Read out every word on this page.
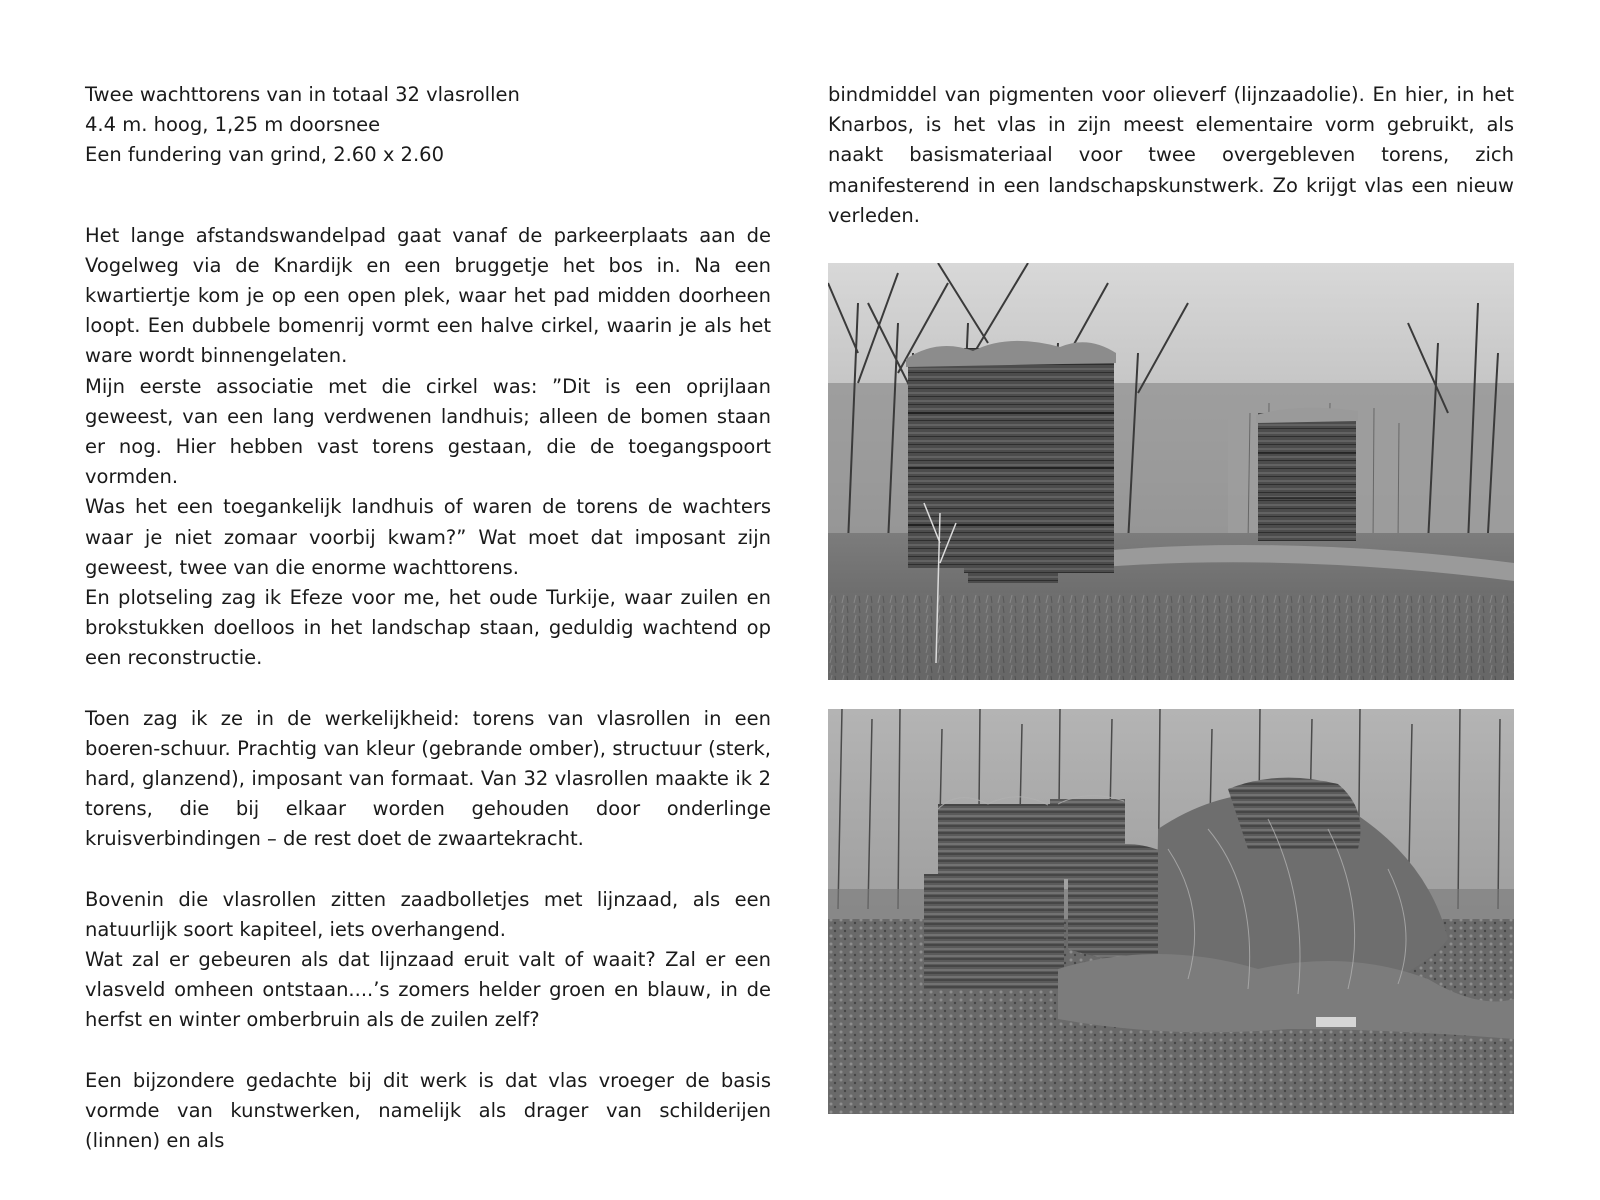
Twee wachttorens van in totaal 32 vlasrollen

4.4 m. hoog, 1,25 m doorsnee

Een fundering van grind, 2.60 x 2.60

Het lange afstandswandelpad gaat vanaf de parkeerplaats aan de Vogelweg via de Knardijk en een bruggetje het bos in. Na een kwartiertje kom je op een open plek, waar het pad midden doorheen loopt. Een dubbele bomenrij vormt een halve cirkel, waarin je als het ware wordt binnengelaten.

Mijn eerste associatie met die cirkel was: ”Dit is een oprijlaan geweest, van een lang verdwenen landhuis; alleen de bomen staan er nog. Hier hebben vast torens gestaan, die de toegangspoort vormden.

Was het een toegankelijk landhuis of waren de torens de wachters waar je niet zomaar voorbij kwam?” Wat moet dat imposant zijn geweest, twee van die enorme wachttorens.

En plotseling zag ik Efeze voor me, het oude Turkije, waar zuilen en brokstukken doelloos in het landschap staan, geduldig wachtend op een reconstructie.

Toen zag ik ze in de werkelijkheid: torens van vlasrollen in een boeren-schuur. Prachtig van kleur (gebrande omber), structuur (sterk, hard, glanzend), imposant van formaat. Van 32 vlasrollen maakte ik 2 torens, die bij elkaar worden gehouden door onderlinge kruisverbindingen – de rest doet de zwaartekracht.

Bovenin die vlasrollen zitten zaadbolletjes met lijnzaad, als een natuurlijk soort kapiteel, iets overhangend.

Wat zal er gebeuren als dat lijnzaad eruit valt of waait? Zal er een vlasveld omheen ontstaan....’s zomers helder groen en blauw, in de herfst en winter omberbruin als de zuilen zelf?

Een bijzondere gedachte bij dit werk is dat vlas vroeger de basis vormde van kunstwerken, namelijk als drager van schilderijen (linnen) en als

bindmiddel van pigmenten voor olieverf (lijnzaadolie). En hier, in het Knarbos, is het vlas in zijn meest elementaire vorm gebruikt, als naakt basismateriaal voor twee overgebleven torens, zich manifesterend in een landschapskunstwerk. Zo krijgt vlas een nieuw verleden.
